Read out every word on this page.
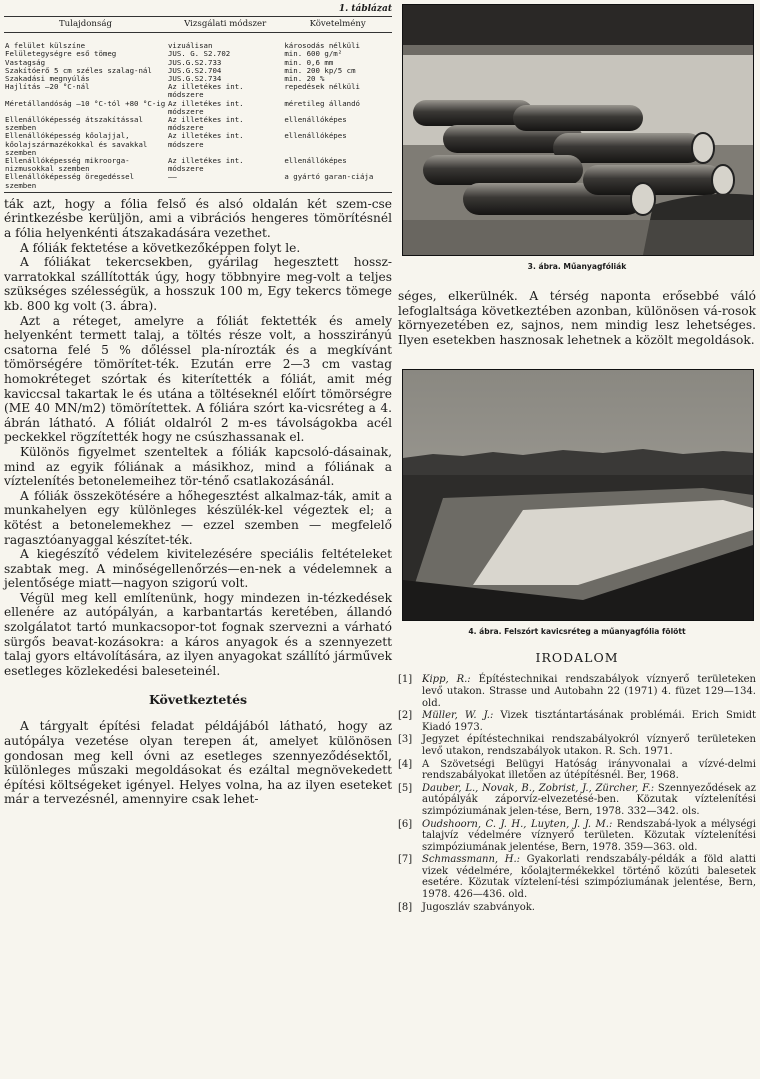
1. táblázat
Tulajdonság	Vizsgálati módszer	Követelmény
A felület külszíne	vizuálisan	károsodás nélküli
Felületegységre eső tömeg	JUS. G. S2.702	min. 600 g/m²
Vastagság	JUS.G.S2.733	min. 0,6 mm
Szakítóerő 5 cm széles szalag-nál	JUS.G.S2.704	min. 200 kp/5 cm
Szakadási megnyúlás	JUS.G.S2.734	min. 20 %
Hajlítás –20 °C-nál	Az illetékes int. módszere	repedések nélküli
Méretállandóság –10 °C-tól +80 °C-ig	Az illetékes int. módszere	méretileg állandó
Ellenállóképesség átszakítással szemben	Az illetékes int. módszere	ellenállóképes
Ellenállóképesség kőolajjal, kőolajszármazékokkal és savakkal szemben	Az illetékes int. módszere	ellenállóképes
Ellenállóképesség mikroorga-nizmusokkal szemben	Az illetékes int. módszere	ellenállóképes
Ellenállóképesség öregedéssel szemben	——	a gyártó garan-ciája

ták azt, hogy a fólia felső és alsó oldalán két szem-cse érintkezésbe kerüljön, ami a vibrációs hengeres tömörítésnél a fólia helyenkénti átszakadására vezethet.

A fóliák fektetése a következőképpen folyt le.

A fóliákat tekercsekben, gyárilag hegesztett hossz-varratokkal szállították úgy, hogy többnyire meg-volt a teljes szükséges szélességük, a hosszuk 100 m, Egy tekercs tömege kb. 800 kg volt (3. ábra).

Azt a réteget, amelyre a fóliát fektették és amely helyenként termett talaj, a töltés része volt, a hosszirányú csatorna felé 5 % dőléssel pla-nírozták és a megkívánt tömörségére tömörítet-ték. Ezután erre 2—3 cm vastag homokréteget szórtak és kiterítették a fóliát, amit még kaviccsal takartak le és utána a töltéseknél előírt tömörségre (ME 40 MN/m2) tömörítettek. A fóliára szórt ka-vicsréteg a 4. ábrán látható. A fóliát oldalról 2 m-es távolságokba acél peckekkel rögzítették hogy ne csúszhassanak el.

Különös figyelmet szenteltek a fóliák kapcsoló-dásainak, mind az egyik fóliának a másikhoz, mind a fóliának a víztelenítés betonelemeihez tör-ténő csatlakozásánál.

A fóliák összekötésére a hőhegesztést alkalmaz-ták, amit a munkahelyen egy különleges készülék-kel végeztek el; a kötést a betonelemekhez — ezzel szemben — megfelelő ragasztóanyaggal készítet-ték.

A kiegészítő védelem kivitelezésére speciális feltételeket szabtak meg. A minőségellenőrzés—en-nek a védelemnek a jelentősége miatt—nagyon szigorú volt.

Végül meg kell említenünk, hogy mindezen in-tézkedések ellenére az autópályán, a karbantartás keretében, állandó szolgálatot tartó munkacsopor-tot fognak szervezni a várható sürgős beavat-kozásokra: a káros anyagok és a szennyezett talaj gyors eltávolítására, az ilyen anyagokat szállító járművek esetleges közlekedési baleseteinél.

Következtetés

A tárgyalt építési feladat példájából látható, hogy az autópálya vezetése olyan terepen át, amelyet különösen gondosan meg kell óvni az esetleges szennyeződésektől, különleges műszaki megoldásokat és ezáltal megnövekedett építési költségeket igényel. Helyes volna, ha az ilyen eseteket már a tervezésnél, amennyire csak lehet-

3. ábra. Műanyagfóliák

séges, elkerülnék. A térség naponta erősebbé váló lefoglaltsága következtében azonban, különösen vá-rosok környezetében ez, sajnos, nem mindig lesz lehetséges. Ilyen esetekben hasznosak lehetnek a közölt megoldások.

4. ábra. Felszórt kavicsréteg a műanyagfólia fölött
IRODALOM
[1] Kipp, R.: Építéstechnikai rendszabályok víznyerő területeken levő utakon. Strasse und Autobahn 22 (1971) 4. füzet 129—134. old.
[2] Müller, W. J.: Vizek tisztántartásának problémái. Erich Smidt Kiadó 1973.
[3] Jegyzet építéstechnikai rendszabályokról víznyerő területeken levő utakon, rendszabályok utakon. R. Sch. 1971.
[4] A Szövetségi Belügyi Hatóság irányvonalai a vízvé-delmi rendszabályokat illetően az útépítésnél. Ber, 1968.
[5] Dauber, L., Novak, B., Zobrist, J., Zürcher, F.: Szennyeződések az autópályák záporvíz-elvezetésé-ben. Közutak víztelenítési szimpóziumának jelen-tése, Bern, 1978. 332—342. ols.
[6] Oudshoorn, C. J. H., Luyten, J. J. M.: Rendszabá-lyok a mélységi talajvíz védelmére víznyerő területen. Közutak víztelenítési szimpóziumának jelentése, Bern, 1978. 359—363. old.
[7] Schmassmann, H.: Gyakorlati rendszabály-példák a föld alatti vizek védelmére, kőolajtermékekkel történő közúti balesetek esetére. Közutak víztelení-tési szimpóziumának jelentése, Bern, 1978. 426—436. old.
[8] Jugoszláv szabványok.
